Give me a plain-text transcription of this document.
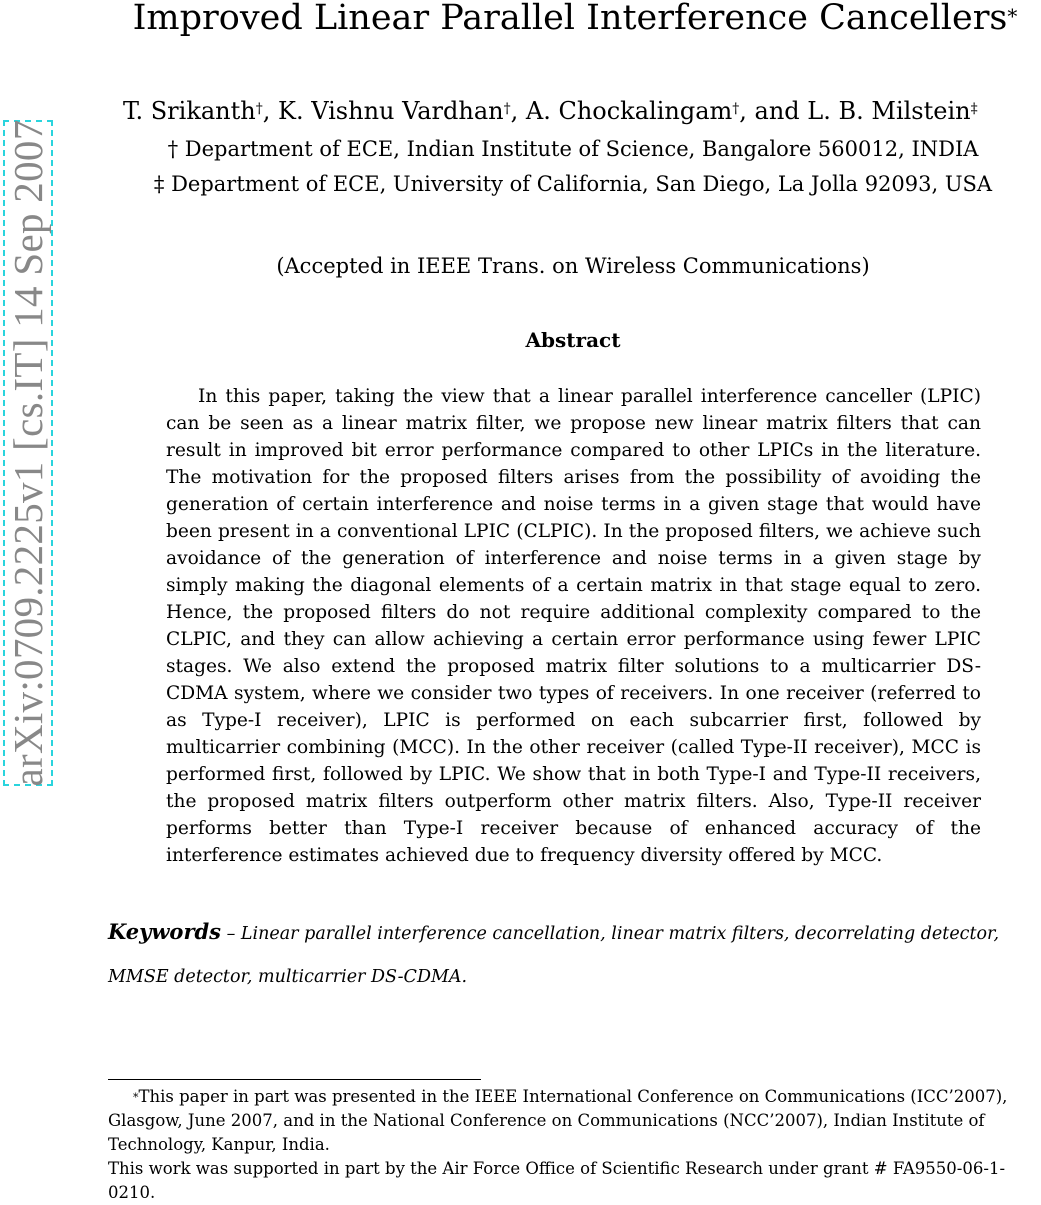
arXiv:0709.2225v1 [cs.IT] 14 Sep 2007
Improved Linear Parallel Interference Cancellers*
T. Srikanth†, K. Vishnu Vardhan†, A. Chockalingam†, and L. B. Milstein‡
† Department of ECE, Indian Institute of Science, Bangalore 560012, INDIA
‡ Department of ECE, University of California, San Diego, La Jolla 92093, USA
(Accepted in IEEE Trans. on Wireless Communications)
Abstract

In this paper, taking the view that a linear parallel interference canceller (LPIC) can be seen as a linear matrix filter, we propose new linear matrix filters that can result in improved bit error performance compared to other LPICs in the literature. The motivation for the proposed filters arises from the possibility of avoiding the generation of certain interference and noise terms in a given stage that would have been present in a conventional LPIC (CLPIC). In the proposed filters, we achieve such avoidance of the generation of interference and noise terms in a given stage by simply making the diagonal elements of a certain matrix in that stage equal to zero. Hence, the proposed filters do not require additional complexity compared to the CLPIC, and they can allow achieving a certain error performance using fewer LPIC stages. We also extend the proposed matrix filter solutions to a multicarrier DS-CDMA system, where we consider two types of receivers. In one receiver (referred to as Type-I receiver), LPIC is performed on each subcarrier first, followed by multicarrier combining (MCC). In the other receiver (called Type-II receiver), MCC is performed first, followed by LPIC. We show that in both Type-I and Type-II receivers, the proposed matrix filters outperform other matrix filters. Also, Type-II receiver performs better than Type-I receiver because of enhanced accuracy of the interference estimates achieved due to frequency diversity offered by MCC.

Keywords – Linear parallel interference cancellation, linear matrix filters, decorrelating detector, MMSE detector, multicarrier DS-CDMA.

*This paper in part was presented in the IEEE International Conference on Communications (ICC’2007), Glasgow, June 2007, and in the National Conference on Communications (NCC’2007), Indian Institute of Technology, Kanpur, India.

This work was supported in part by the Air Force Office of Scientific Research under grant # FA9550-06-1-0210.
